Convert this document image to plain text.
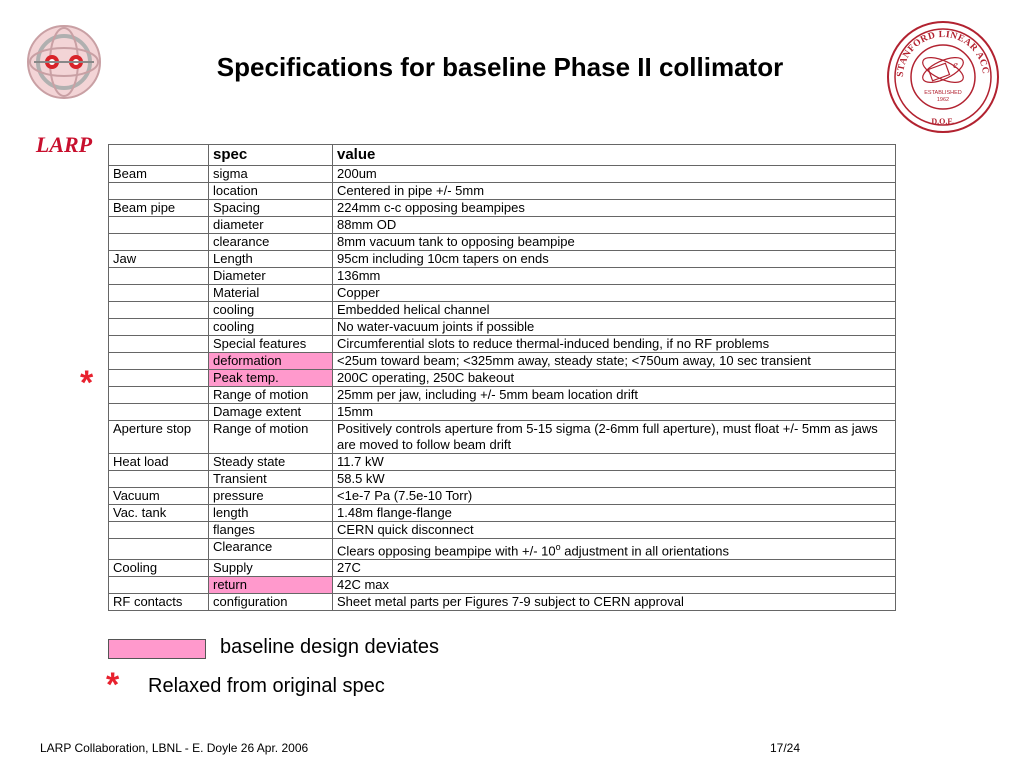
LARP
Specifications for baseline Phase II collimator	STANFORD LINEAR ACC
D.O.E.
e
ESTABLISHED
1962
	spec	value
Beam	sigma	200um
	location	Centered in pipe +/- 5mm
Beam pipe	Spacing	224mm c-c opposing beampipes
	diameter	88mm OD
	clearance	8mm vacuum tank to opposing beampipe
Jaw	Length	95cm including 10cm tapers on ends
	Diameter	136mm
	Material	Copper
	cooling	Embedded helical channel
	cooling	No water-vacuum joints if possible
	Special features	Circumferential slots to reduce thermal-induced bending, if no RF problems
	deformation	<25um toward beam; <325mm away, steady state; <750um away, 10 sec transient
	Peak temp.	200C operating, 250C bakeout
	Range of motion	25mm per jaw, including +/- 5mm beam location drift
	Damage extent	15mm
Aperture stop	Range of motion	Positively controls aperture from 5-15 sigma (2-6mm full aperture), must float +/- 5mm as jaws are moved to follow beam drift
Heat load	Steady state	11.7 kW
	Transient	58.5 kW
Vacuum	pressure	<1e-7 Pa (7.5e-10 Torr)
Vac. tank	length	1.48m flange-flange
	flanges	CERN quick disconnect
	Clearance	Clears opposing beampipe with +/- 10$^o$ adjustment in all orientations
Cooling	Supply	27C
	return	42C max
RF contacts	configuration	Sheet metal parts per Figures 7-9 subject to CERN approval
*
baseline design deviates
* Relaxed from original spec
LARP Collaboration, LBNL - E. Doyle 26 Apr. 2006	17/24
